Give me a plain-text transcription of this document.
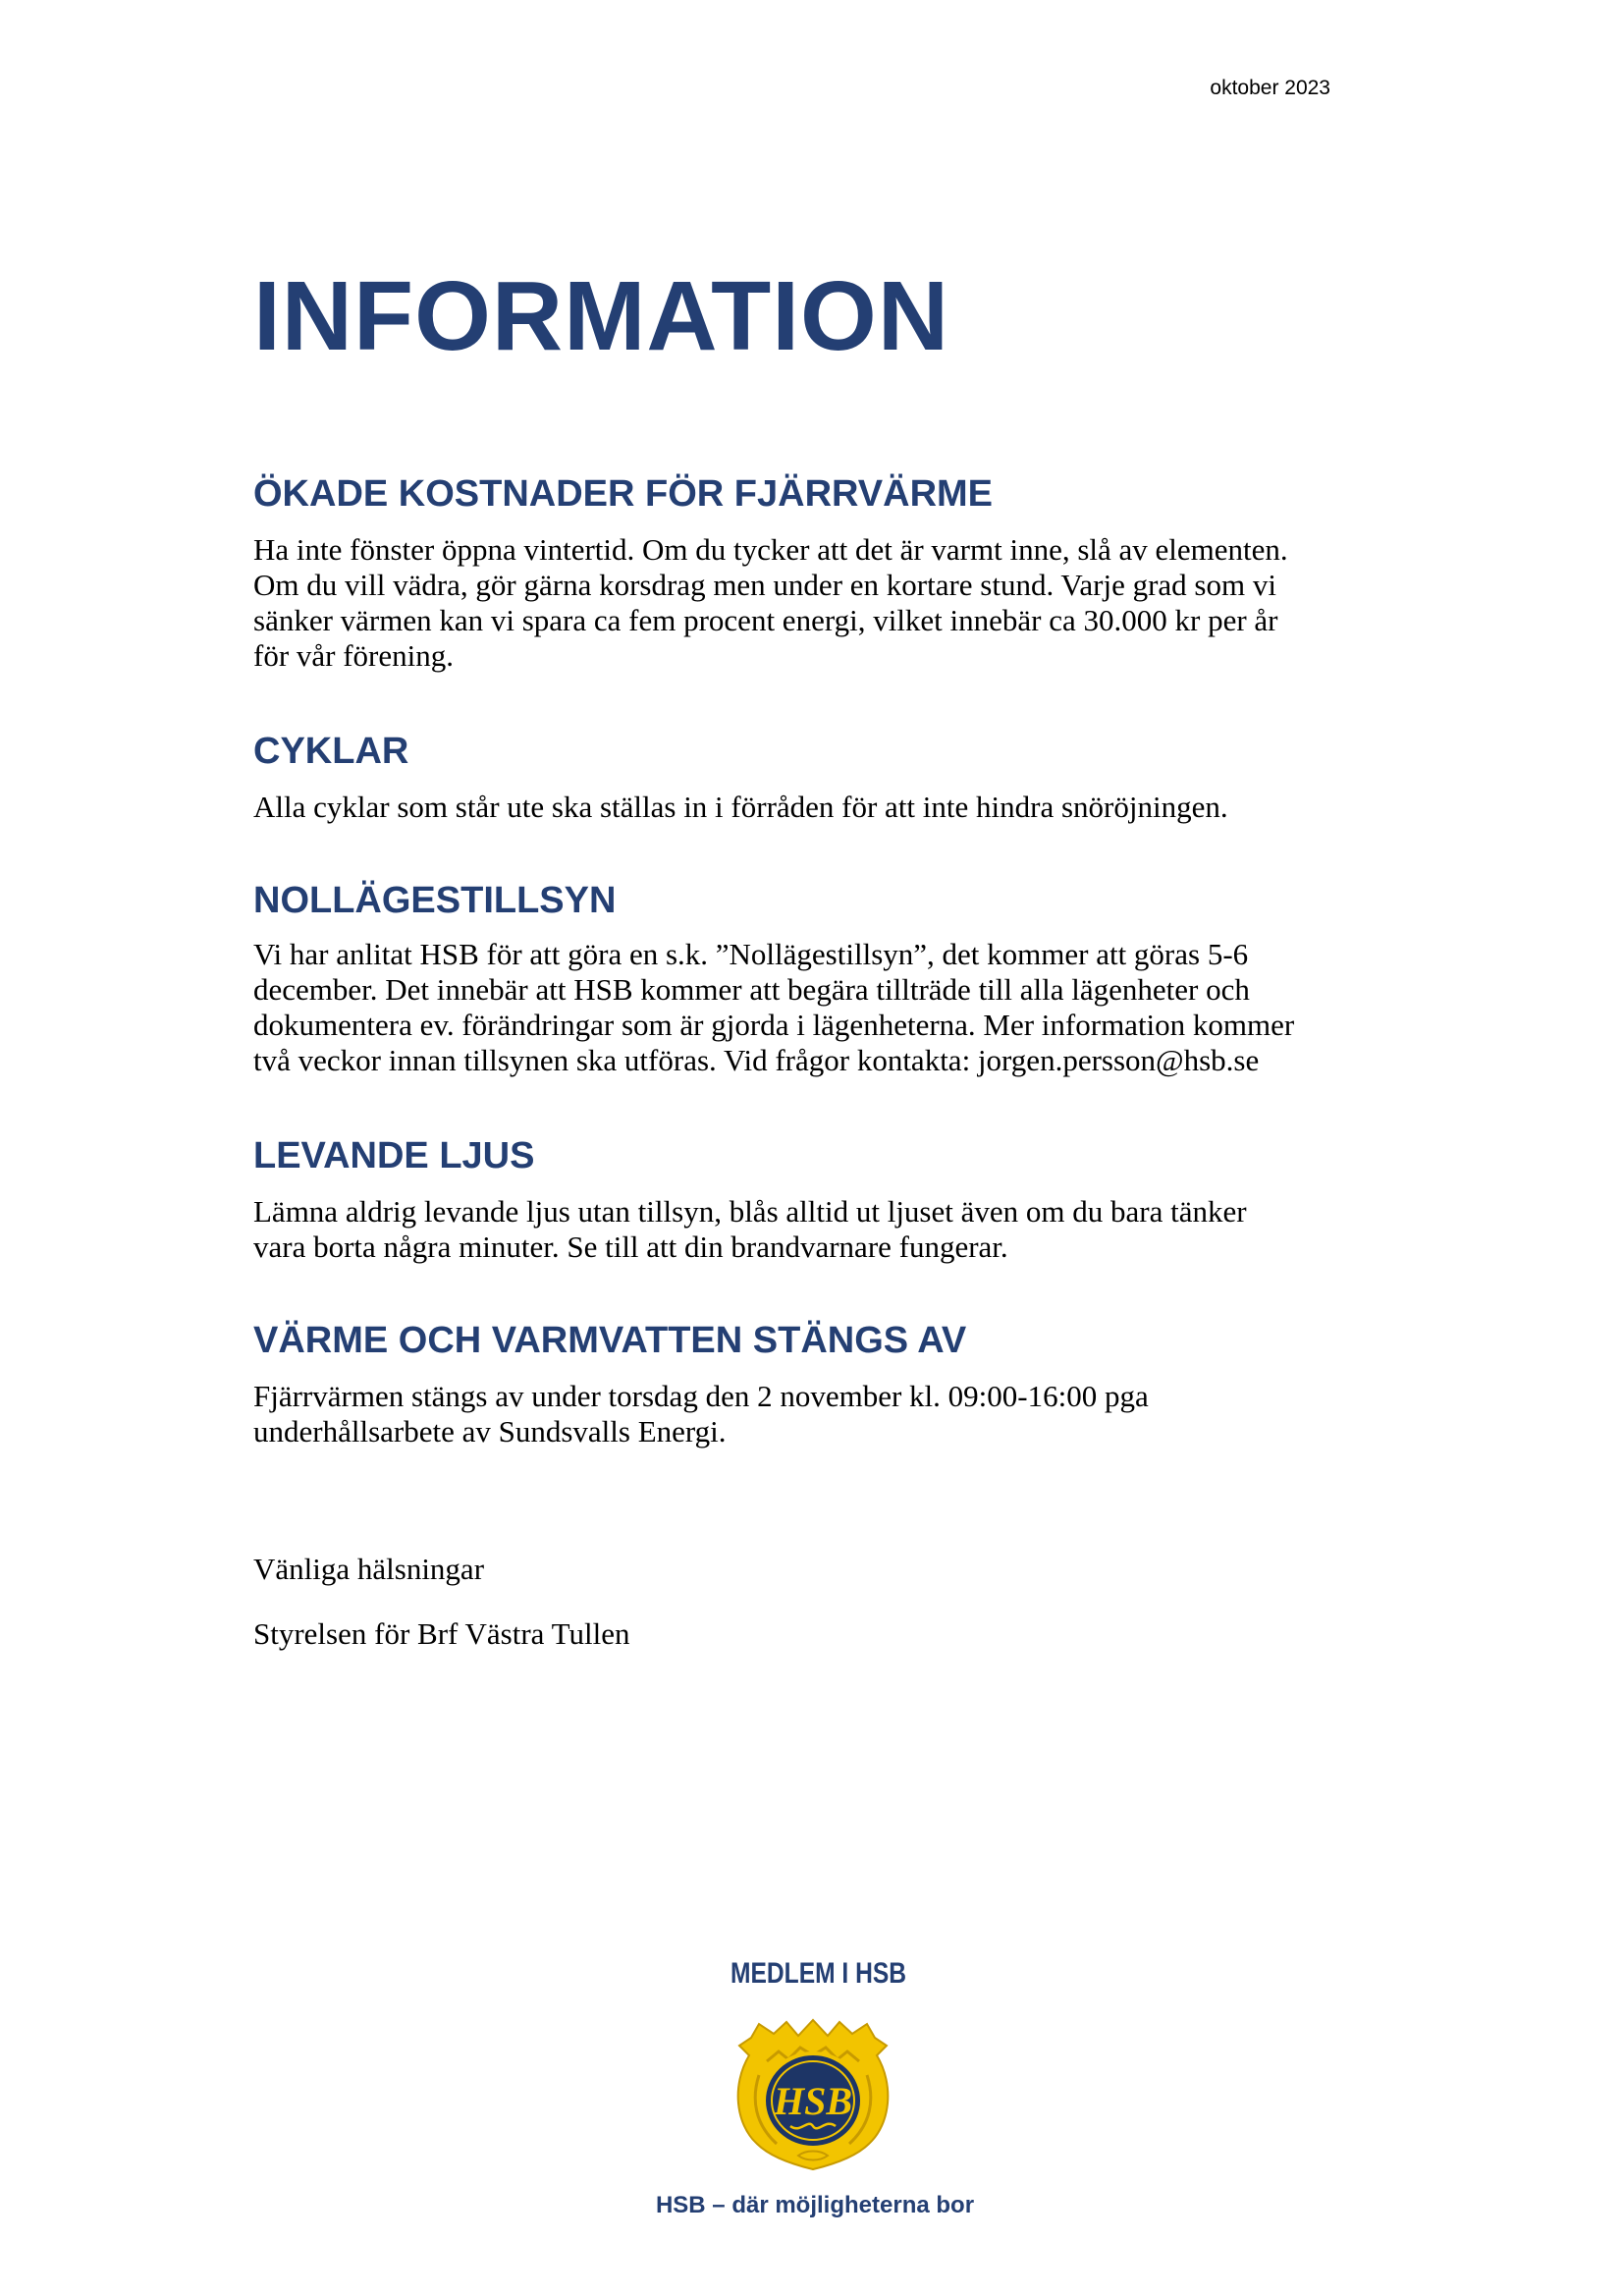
oktober 2023
INFORMATION
ÖKADE KOSTNADER FÖR FJÄRRVÄRME
Ha inte fönster öppna vintertid. Om du tycker att det är varmt inne, slå av elementen.
Om du vill vädra, gör gärna korsdrag men under en kortare stund. Varje grad som vi
sänker värmen kan vi spara ca fem procent energi, vilket innebär ca 30.000 kr per år
för vår förening.
CYKLAR
Alla cyklar som står ute ska ställas in i förråden för att inte hindra snöröjningen.
NOLLÄGESTILLSYN
Vi har anlitat HSB för att göra en s.k. ”Nollägestillsyn”, det kommer att göras 5-6
december. Det innebär att HSB kommer att begära tillträde till alla lägenheter och
dokumentera ev. förändringar som är gjorda i lägenheterna. Mer information kommer
två veckor innan tillsynen ska utföras. Vid frågor kontakta: jorgen.persson@hsb.se
LEVANDE LJUS
Lämna aldrig levande ljus utan tillsyn, blås alltid ut ljuset även om du bara tänker
vara borta några minuter. Se till att din brandvarnare fungerar.
VÄRME OCH VARMVATTEN STÄNGS AV
Fjärrvärmen stängs av under torsdag den 2 november kl. 09:00-16:00 pga
underhållsarbete av Sundsvalls Energi.
Vänliga hälsningar
Styrelsen för Brf Västra Tullen
MEDLEM I HSB
HSB
HSB – där möjligheterna bor
